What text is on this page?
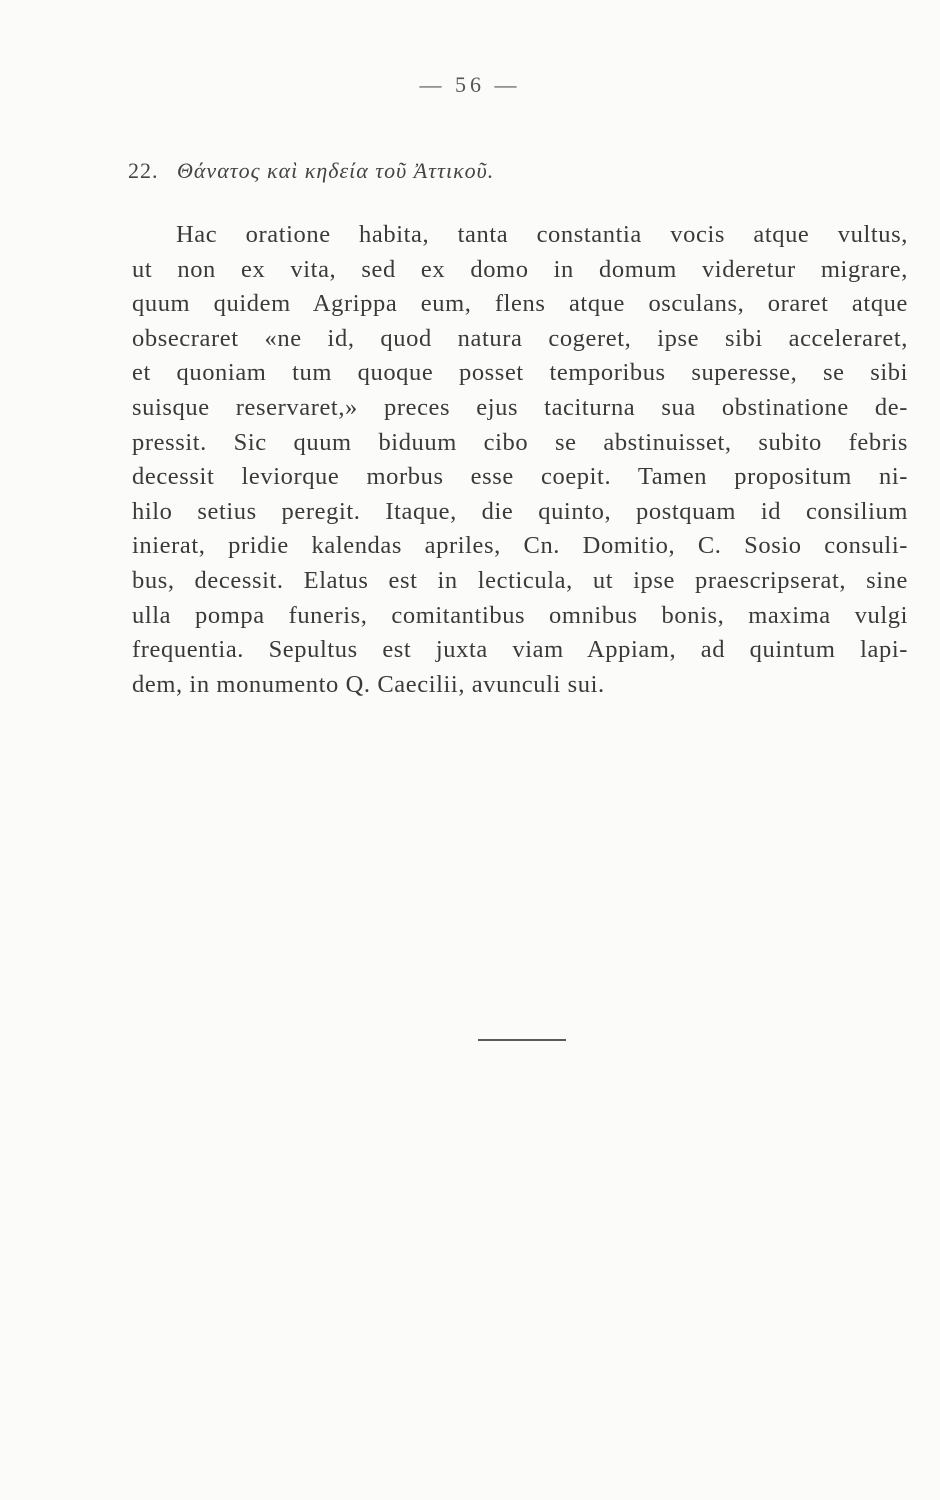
— 56 —
22. Θάνατος καὶ κηδεία τοῦ Ἀττικοῦ.
Hac oratione habita, tanta constantia vocis atque vultus,
ut non ex vita, sed ex domo in domum videretur migrare,
quum quidem Agrippa eum, flens atque osculans, oraret atque
obsecraret «ne id, quod natura cogeret, ipse sibi acceleraret,
et quoniam tum quoque posset temporibus superesse, se sibi
suisque reservaret,» preces ejus taciturna sua obstinatione de-
pressit. Sic quum biduum cibo se abstinuisset, subito febris
decessit leviorque morbus esse coepit. Tamen propositum ni-
hilo setius peregit. Itaque, die quinto, postquam id consilium
inierat, pridie kalendas apriles, Cn. Domitio, C. Sosio consuli-
bus, decessit. Elatus est in lecticula, ut ipse praescripserat, sine
ulla pompa funeris, comitantibus omnibus bonis, maxima vulgi
frequentia. Sepultus est juxta viam Appiam, ad quintum lapi-
dem, in monumento Q. Caecilii, avunculi sui.
